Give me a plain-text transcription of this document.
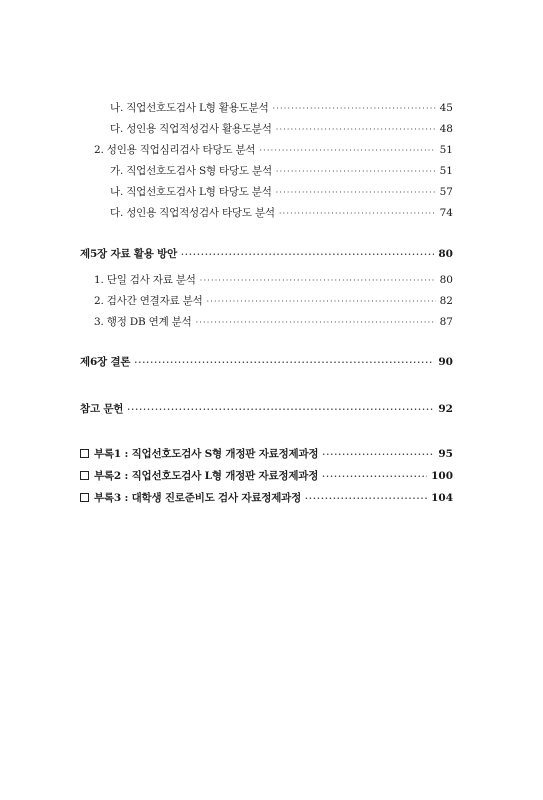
나. 직업선호도검사 L형 활용도분석 ·····	45
다. 성인용 직업적성검사 활용도분석 ·····	48
2. 성인용 직업심리검사 타당도 분석 ·····	51
가. 직업선호도검사 S형 타당도 분석 ·····	51
나. 직업선호도검사 L형 타당도 분석 ·····	57
다. 성인용 직업적성검사 타당도 분석 ·····	74
제5장 자료 활용 방안 ·····	80
1. 단일 검사 자료 분석 ·····	80
2. 검사간 연결자료 분석 ·····	82
3. 행정 DB 연계 분석 ·····	87
제6장 결론 ·····	90
참고 문헌 ·····	92
부록1 : 직업선호도검사 S형 개정판 자료정제과정 ·····	95
부록2 : 직업선호도검사 L형 개정판 자료정제과정 ·····	100
부록3 : 대학생 진로준비도 검사 자료정제과정 ·····	104
